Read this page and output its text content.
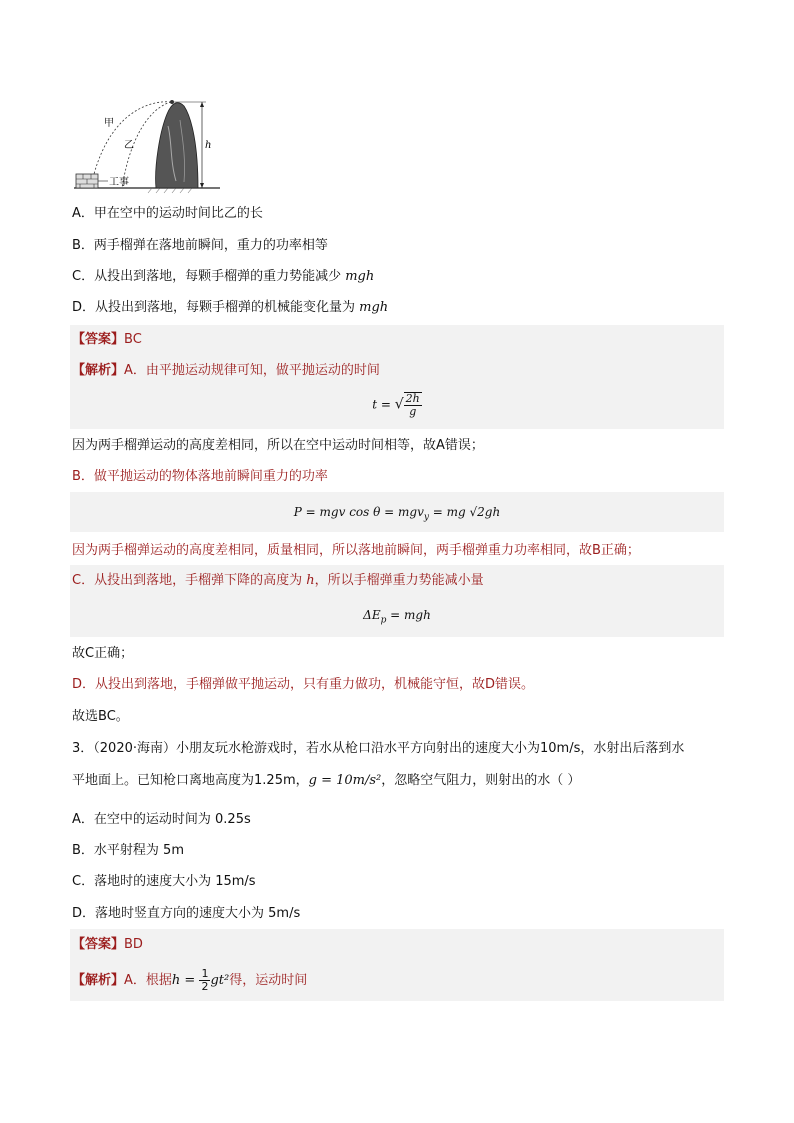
甲
乙	h
工事
A．甲在空中的运动时间比乙的长
B．两手榴弹在落地前瞬间，重力的功率相等
C．从投出到落地，每颗手榴弹的重力势能减少 mgh
D．从投出到落地，每颗手榴弹的机械能变化量为 mgh
【答案】BC
【解析】A．由平抛运动规律可知，做平抛运动的时间
t = √ $\frac{2h}{g}$
因为两手榴弹运动的高度差相同，所以在空中运动时间相等，故A错误；
B．做平抛运动的物体落地前瞬间重力的功率
P = mgv cos θ = mgv$_y$ = mg √2gh
因为两手榴弹运动的高度差相同，质量相同，所以落地前瞬间，两手榴弹重力功率相同，故B正确；
C．从投出到落地，手榴弹下降的高度为 h，所以手榴弹重力势能减小量
$\Delta E_p$ = mgh
故C正确；
D．从投出到落地，手榴弹做平抛运动，只有重力做功，机械能守恒，故D错误。
故选BC。
3．（2020·海南）小朋友玩水枪游戏时，若水从枪口沿水平方向射出的速度大小为10m/s，水射出后落到水
平地面上。已知枪口离地高度为1.25m，g = 10m/s²，忽略空气阻力，则射出的水（ ）
A．在空中的运动时间为 0.25s
B．水平射程为 5m
C．落地时的速度大小为 15m/s
D．落地时竖直方向的速度大小为 5m/s
【答案】BD
【解析】A．根据$h = \frac{1}{2} gt^2$得，运动时间
